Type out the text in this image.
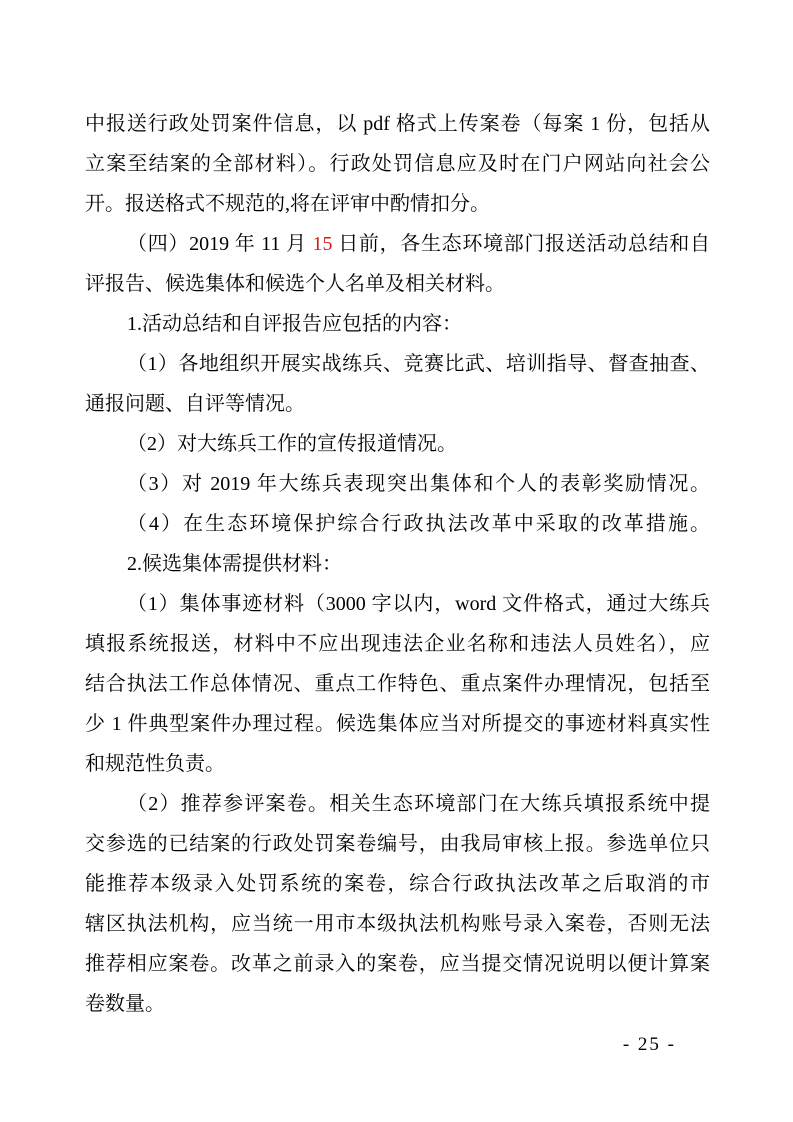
中报送行政处罚案件信息，以 pdf 格式上传案卷（每案 1 份，包括从
立案至结案的全部材料）。行政处罚信息应及时在门户网站向社会公
开。报送格式不规范的,将在评审中酌情扣分。
（四）2019 年 11 月 15 日前，各生态环境部门报送活动总结和自
评报告、候选集体和候选个人名单及相关材料。
1.活动总结和自评报告应包括的内容：
（1）各地组织开展实战练兵、竞赛比武、培训指导、督查抽查、
通报问题、自评等情况。
（2）对大练兵工作的宣传报道情况。
（3）对 2019 年大练兵表现突出集体和个人的表彰奖励情况。
（4）在生态环境保护综合行政执法改革中采取的改革措施。
2.候选集体需提供材料：
（1）集体事迹材料（3000 字以内，word 文件格式，通过大练兵
填报系统报送，材料中不应出现违法企业名称和违法人员姓名），应
结合执法工作总体情况、重点工作特色、重点案件办理情况，包括至
少 1 件典型案件办理过程。候选集体应当对所提交的事迹材料真实性
和规范性负责。
（2）推荐参评案卷。相关生态环境部门在大练兵填报系统中提
交参选的已结案的行政处罚案卷编号，由我局审核上报。参选单位只
能推荐本级录入处罚系统的案卷，综合行政执法改革之后取消的市
辖区执法机构，应当统一用市本级执法机构账号录入案卷，否则无法
推荐相应案卷。改革之前录入的案卷，应当提交情况说明以便计算案
卷数量。
- 25 -
